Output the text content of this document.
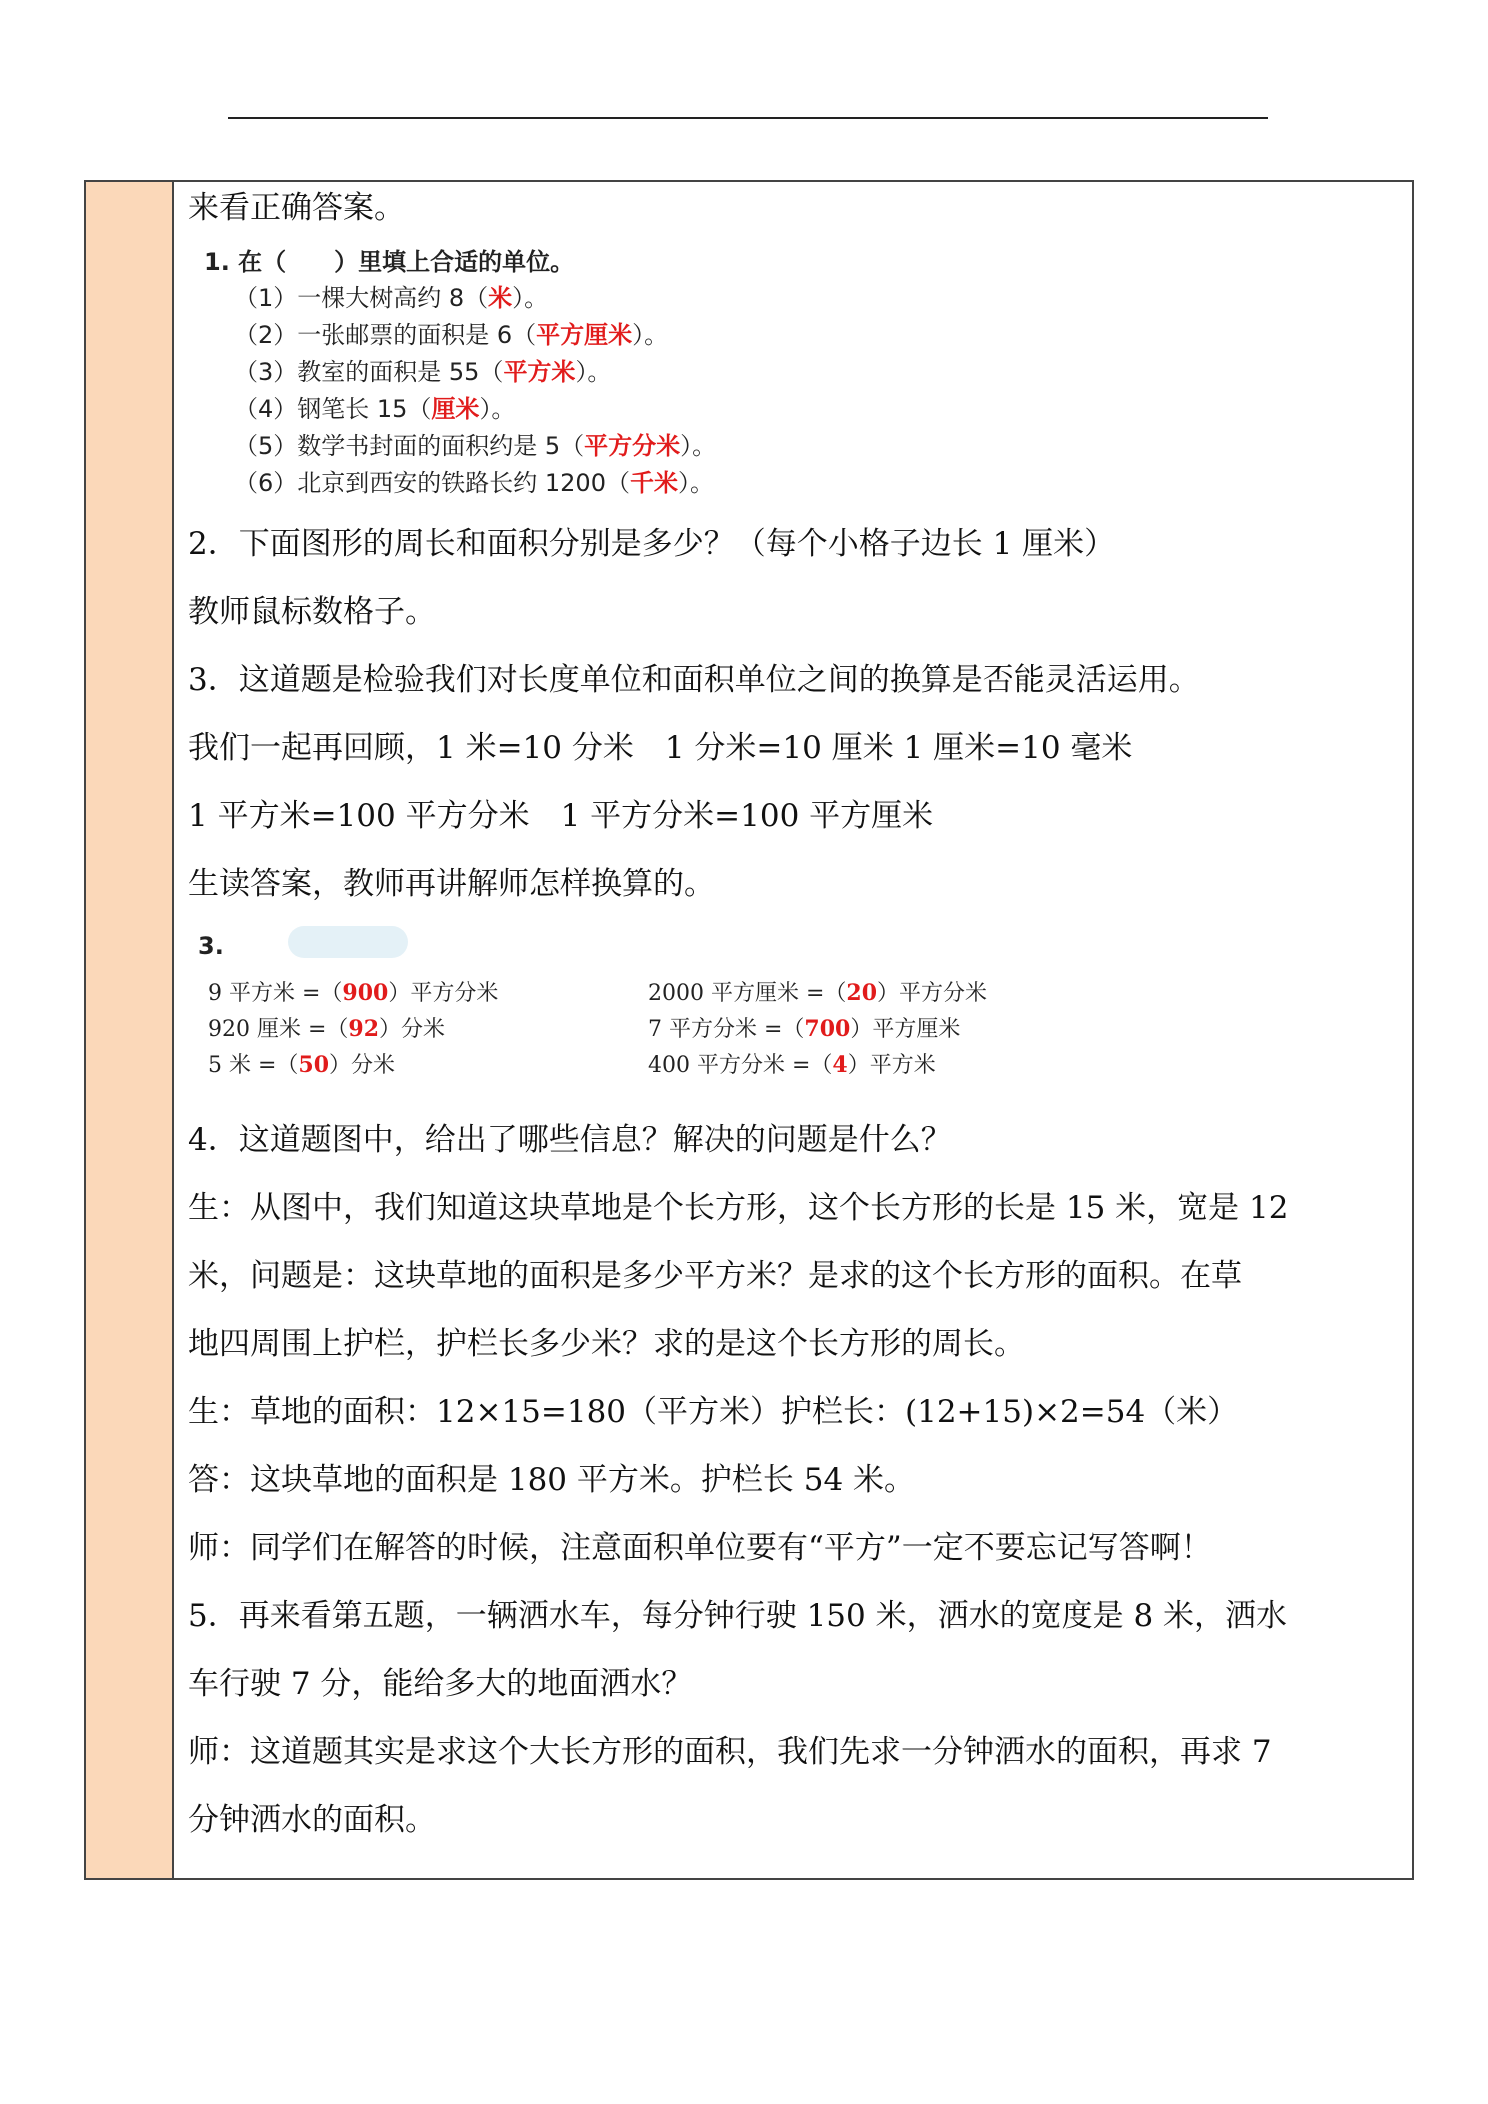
来看正确答案。
1. 在（　　）里填上合适的单位。
（1）一棵大树高约 8（米）。
（2）一张邮票的面积是 6（平方厘米）。
（3）教室的面积是 55（平方米）。
（4）钢笔长 15（厘米）。
（5）数学书封面的面积约是 5（平方分米）。
（6）北京到西安的铁路长约 1200（千米）。
2．下面图形的周长和面积分别是多少？（每个小格子边长 1 厘米）
教师鼠标数格子。
3．这道题是检验我们对长度单位和面积单位之间的换算是否能灵活运用。
我们一起再回顾，1 米=10 分米　1 分米=10 厘米 1 厘米=10 毫米
1 平方米=100 平方分米　1 平方分米=100 平方厘米
生读答案，教师再讲解师怎样换算的。
3.
9 平方米 =（900）平方分米
920 厘米 =（92）分米
5 米 =（50）分米
2000 平方厘米 =（20）平方分米
7 平方分米 =（700）平方厘米
400 平方分米 =（4）平方米
4．这道题图中，给出了哪些信息？解决的问题是什么？
生：从图中，我们知道这块草地是个长方形，这个长方形的长是 15 米，宽是 12
米，问题是：这块草地的面积是多少平方米？是求的这个长方形的面积。在草
地四周围上护栏，护栏长多少米？求的是这个长方形的周长。
生：草地的面积：12×15=180（平方米）护栏长：(12+15)×2=54（米）
答：这块草地的面积是 180 平方米。护栏长 54 米。
师：同学们在解答的时候，注意面积单位要有“平方”一定不要忘记写答啊！
5．再来看第五题，一辆洒水车，每分钟行驶 150 米，洒水的宽度是 8 米，洒水
车行驶 7 分，能给多大的地面洒水？
师：这道题其实是求这个大长方形的面积，我们先求一分钟洒水的面积，再求 7
分钟洒水的面积。
